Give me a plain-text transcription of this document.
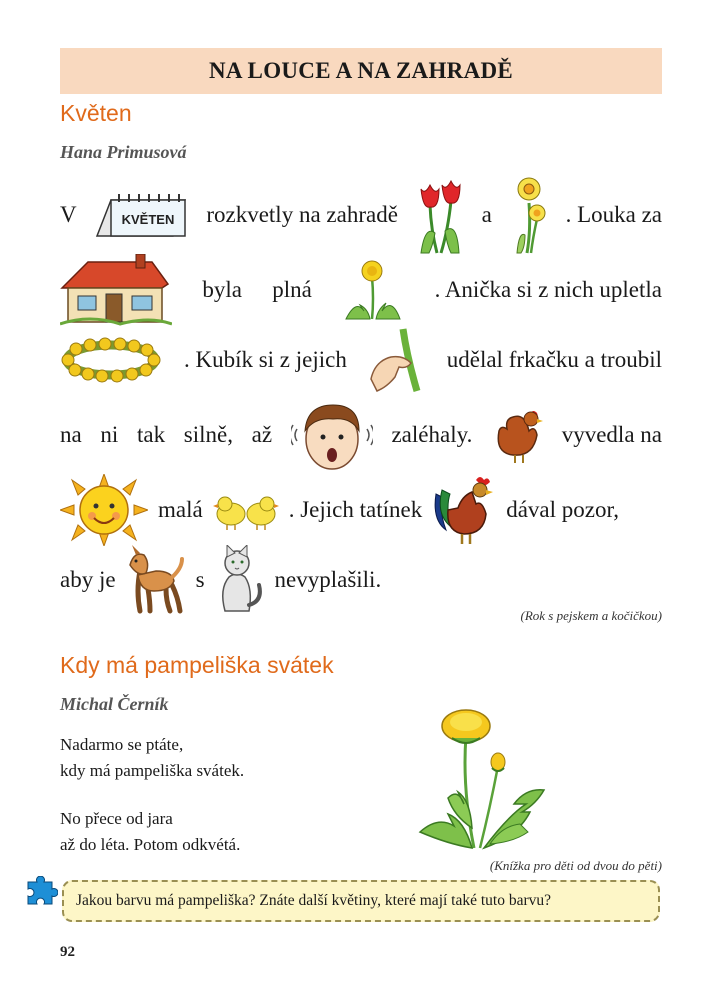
NA LOUCE A NA ZAHRADĚ
Květen
Hana Primusová
V	KVĚTEN rozkvetly na zahradě	a	. Louka za
byla plná	. Anička si z nich upletla
. Kubík si z jejich	udělal frkačku a troubil
na ni tak silně, až	zaléhaly.	vyvedla na
malá	. Jejich tatínek	dával pozor,
aby je	s	nevyplašili.
(Rok s pejskem a kočičkou)
Kdy má pampeliška svátek
Michal Černík
Nadarmo se ptáte,
kdy má pampeliška svátek.
No přece od jara
až do léta. Potom odkvétá.
(Knížka pro děti od dvou do pěti)
Jakou barvu má pampeliška? Znáte další květiny, které mají také tuto barvu?
92
